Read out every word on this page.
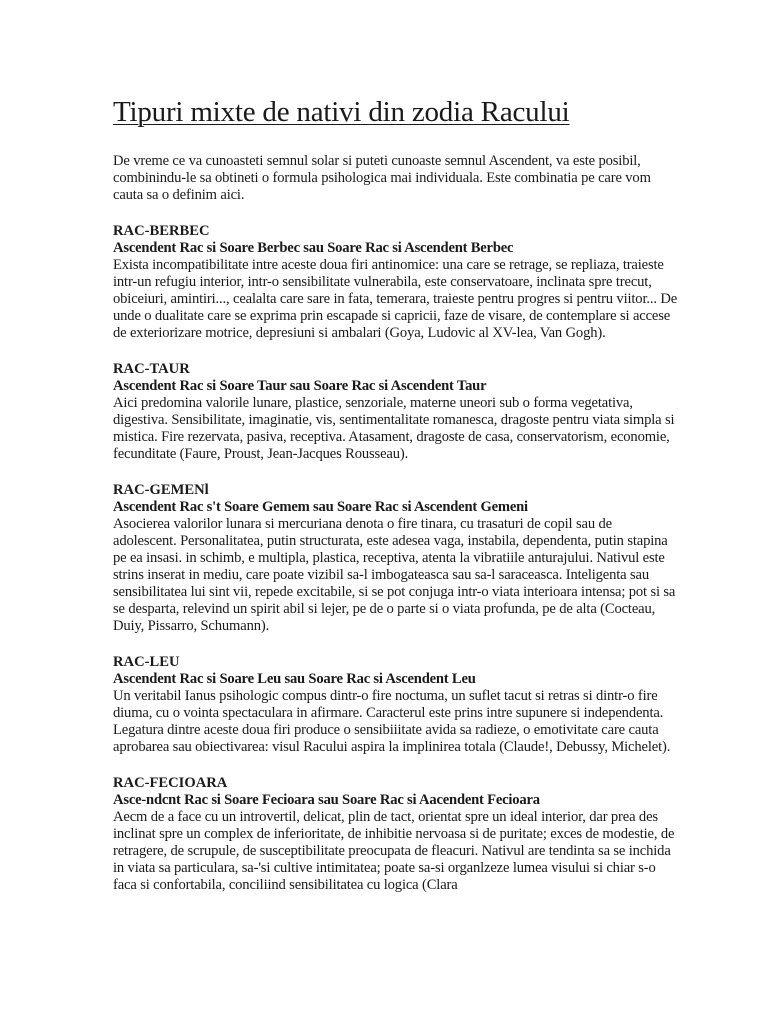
Tipuri mixte de nativi din zodia Racului

De vreme ce va cunoasteti semnul solar si puteti cunoaste semnul Ascendent, va este posibil, combinindu-le sa obtineti o formula psihologica mai individuala. Este combinatia pe care vom cauta sa o definim aici.

RAC-BERBEC

Ascendent Rac si Soare Berbec sau Soare Rac si Ascendent Berbec

Exista incompatibilitate intre aceste doua firi antinomice: una care se retrage, se repliaza, traieste intr-un refugiu interior, intr-o sensibilitate vulnerabila, este conservatoare, inclinata spre trecut, obiceiuri, amintiri..., cealalta care sare in fata, temerara, traieste pentru progres si pentru viitor... De unde o dualitate care se exprima prin escapade si capricii, faze de visare, de contemplare si accese de exteriorizare motrice, depresiuni si ambalari (Goya, Ludovic al XV-lea, Van Gogh).

RAC-TAUR

Ascendent Rac si Soare Taur sau Soare Rac si Ascendent Taur

Aici predomina valorile lunare, plastice, senzoriale, materne uneori sub o forma vegetativa, digestiva. Sensibilitate, imaginatie, vis, sentimentalitate romanesca, dragoste pentru viata simpla si mistica. Fire rezervata, pasiva, receptiva. Atasament, dragoste de casa, conservatorism, economie, fecunditate (Faure, Proust, Jean-Jacques Rousseau).

RAC-GEMENl

Ascendent Rac s't Soare Gemem sau Soare Rac si Ascendent Gemeni

Asocierea valorilor lunara si mercuriana denota o fire tinara, cu trasaturi de copil sau de adolescent. Personalitatea, putin structurata, este adesea vaga, instabila, dependenta, putin stapina pe ea insasi. in schimb, e multipla, plastica, receptiva, atenta la vibratiile anturajului. Nativul este strins inserat in mediu, care poate vizibil sa-l imbogateasca sau sa-l saraceasca. Inteligenta sau sensibilitatea lui sint vii, repede excitabile, si se pot conjuga intr-o viata interioara intensa; pot si sa se desparta, relevind un spirit abil si lejer, pe de o parte si o viata profunda, pe de alta (Cocteau, Duiy, Pissarro, Schumann).

RAC-LEU

Ascendent Rac si Soare Leu sau Soare Rac si Ascendent Leu

Un veritabil Ianus psihologic compus dintr-o fire noctuma, un suflet tacut si retras si dintr-o fire diuma, cu o vointa spectaculara in afirmare. Caracterul este prins intre supunere si independenta. Legatura dintre aceste doua firi produce o sensibiiitate avida sa radieze, o emotivitate care cauta aprobarea sau obiectivarea: visul Racului aspira la implinirea totala (Claude!, Debussy, Michelet).

RAC-FECIOARA

Asce-ndcnt Rac si Soare Fecioara sau Soare Rac si Aacendent Fecioara

Aecm de a face cu un introvertil, delicat, plin de tact, orientat spre un ideal interior, dar prea des inclinat spre un complex de inferioritate, de inhibitie nervoasa si de puritate; exces de modestie, de retragere, de scrupule, de susceptibilitate preocupata de fleacuri. Nativul are tendinta sa se inchida in viata sa particulara, sa-'si cultive intimitatea; poate sa-si organlzeze lumea visului si chiar s-o faca si confortabila, conciliind sensibilitatea cu logica (Clara
